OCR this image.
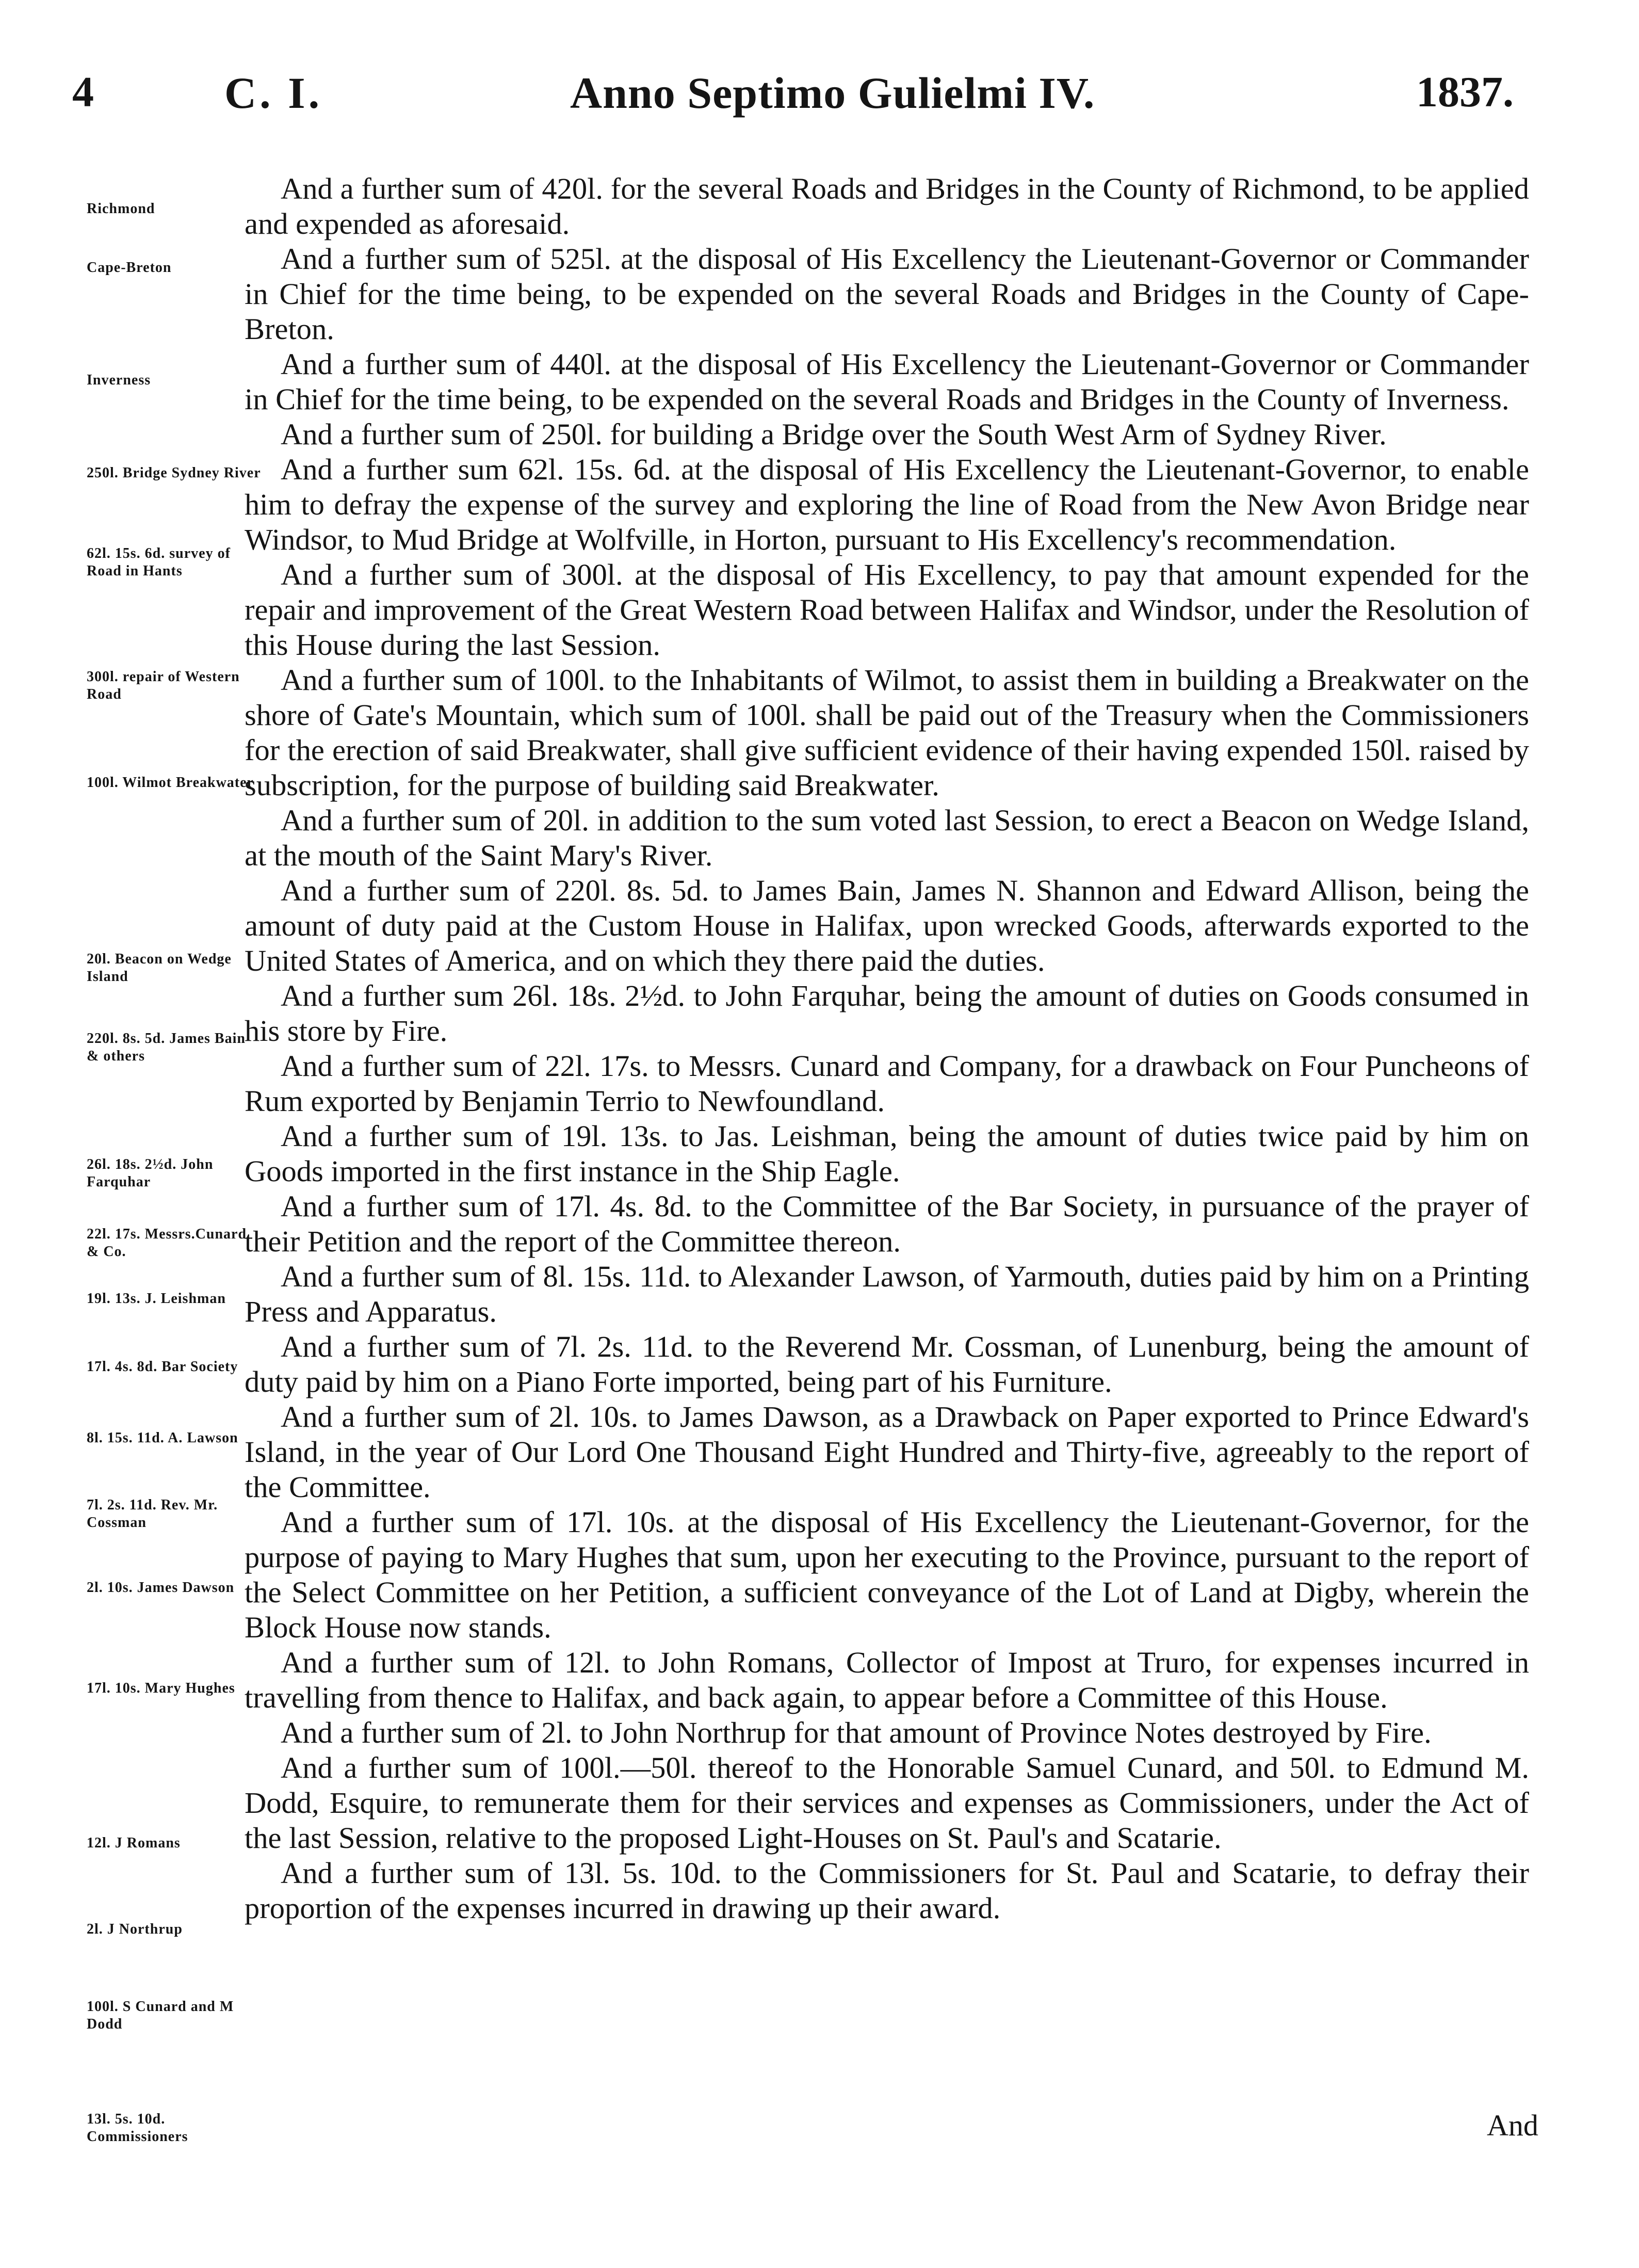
4	C. I.	Anno Septimo Gulielmi IV.	1837.
Richmond
Cape-Breton
Inverness
250l. Bridge Sydney River
62l. 15s. 6d. survey of Road in Hants
300l. repair of Western Road
100l. Wilmot Breakwater
20l. Beacon on Wedge Island
220l. 8s. 5d. James Bain & others
26l. 18s. 2½d. John Farquhar
22l. 17s. Messrs.Cunard & Co.
19l. 13s. J. Leishman
17l. 4s. 8d. Bar Society
8l. 15s. 11d. A. Lawson
7l. 2s. 11d. Rev. Mr. Cossman
2l. 10s. James Dawson
17l. 10s. Mary Hughes
12l. J Romans
2l. J Northrup
100l. S Cunard and M Dodd
13l. 5s. 10d. Commissioners

And a further sum of 420l. for the several Roads and Bridges in the County of Richmond, to be applied and expended as aforesaid.

And a further sum of 525l. at the disposal of His Excellency the Lieutenant-Governor or Commander in Chief for the time being, to be expended on the several Roads and Bridges in the County of Cape-Breton.

And a further sum of 440l. at the disposal of His Excellency the Lieutenant-Governor or Commander in Chief for the time being, to be expended on the several Roads and Bridges in the County of Inverness.

And a further sum of 250l. for building a Bridge over the South West Arm of Sydney River.

And a further sum 62l. 15s. 6d. at the disposal of His Excellency the Lieutenant-Governor, to enable him to defray the expense of the survey and exploring the line of Road from the New Avon Bridge near Windsor, to Mud Bridge at Wolfville, in Horton, pursuant to His Excellency's recommendation.

And a further sum of 300l. at the disposal of His Excellency, to pay that amount expended for the repair and improvement of the Great Western Road between Halifax and Windsor, under the Resolution of this House during the last Session.

And a further sum of 100l. to the Inhabitants of Wilmot, to assist them in building a Breakwater on the shore of Gate's Mountain, which sum of 100l. shall be paid out of the Treasury when the Commissioners for the erection of said Breakwater, shall give sufficient evidence of their having expended 150l. raised by subscription, for the purpose of building said Breakwater.

And a further sum of 20l. in addition to the sum voted last Session, to erect a Beacon on Wedge Island, at the mouth of the Saint Mary's River.

And a further sum of 220l. 8s. 5d. to James Bain, James N. Shannon and Edward Allison, being the amount of duty paid at the Custom House in Halifax, upon wrecked Goods, afterwards exported to the United States of America, and on which they there paid the duties.

And a further sum 26l. 18s. 2½d. to John Farquhar, being the amount of duties on Goods consumed in his store by Fire.

And a further sum of 22l. 17s. to Messrs. Cunard and Company, for a drawback on Four Puncheons of Rum exported by Benjamin Terrio to Newfoundland.

And a further sum of 19l. 13s. to Jas. Leishman, being the amount of duties twice paid by him on Goods imported in the first instance in the Ship Eagle.

And a further sum of 17l. 4s. 8d. to the Committee of the Bar Society, in pursuance of the prayer of their Petition and the report of the Committee thereon.

And a further sum of 8l. 15s. 11d. to Alexander Lawson, of Yarmouth, duties paid by him on a Printing Press and Apparatus.

And a further sum of 7l. 2s. 11d. to the Reverend Mr. Cossman, of Lunenburg, being the amount of duty paid by him on a Piano Forte imported, being part of his Furniture.

And a further sum of 2l. 10s. to James Dawson, as a Drawback on Paper exported to Prince Edward's Island, in the year of Our Lord One Thousand Eight Hundred and Thirty-five, agreeably to the report of the Committee.

And a further sum of 17l. 10s. at the disposal of His Excellency the Lieutenant-Governor, for the purpose of paying to Mary Hughes that sum, upon her executing to the Province, pursuant to the report of the Select Committee on her Petition, a sufficient conveyance of the Lot of Land at Digby, wherein the Block House now stands.

And a further sum of 12l. to John Romans, Collector of Impost at Truro, for expenses incurred in travelling from thence to Halifax, and back again, to appear before a Committee of this House.

And a further sum of 2l. to John Northrup for that amount of Province Notes destroyed by Fire.

And a further sum of 100l.—50l. thereof to the Honorable Samuel Cunard, and 50l. to Edmund M. Dodd, Esquire, to remunerate them for their services and expenses as Commissioners, under the Act of the last Session, relative to the proposed Light-Houses on St. Paul's and Scatarie.

And a further sum of 13l. 5s. 10d. to the Commissioners for St. Paul and Scatarie, to defray their proportion of the expenses incurred in drawing up their award.

And
